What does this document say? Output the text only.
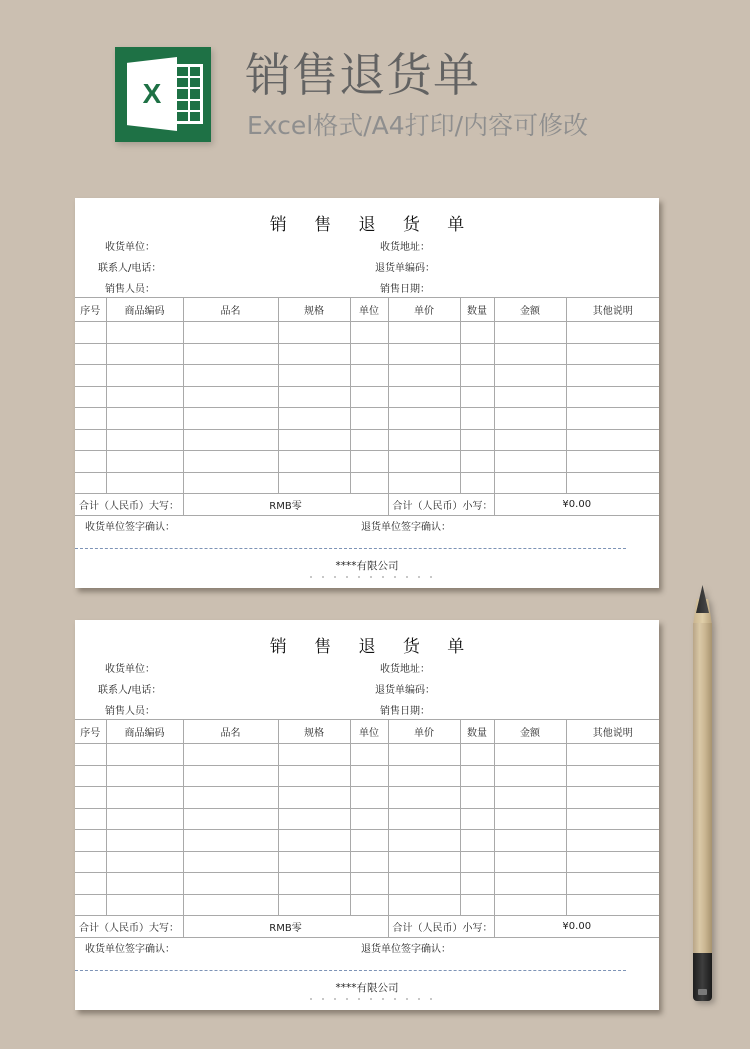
X	销售退货单
Excel格式/A4打印/内容可修改
销 售 退 货 单
收货单位：
联系人/电话：
销售人员：
收货地址：
退货单编码：
销售日期：
序号	商品编码	品名	规格	单位	单价	数量	金额	其他说明

合计（人民币）大写：		RMB零			合计（人民币）小写：		¥0.00	
收货单位签字确认：	退货单位签字确认：
****有限公司
销 售 退 货 单
收货单位：
联系人/电话：
销售人员：
收货地址：
退货单编码：
销售日期：
序号	商品编码	品名	规格	单位	单价	数量	金额	其他说明

合计（人民币）大写：		RMB零			合计（人民币）小写：		¥0.00	
收货单位签字确认：	退货单位签字确认：
****有限公司
